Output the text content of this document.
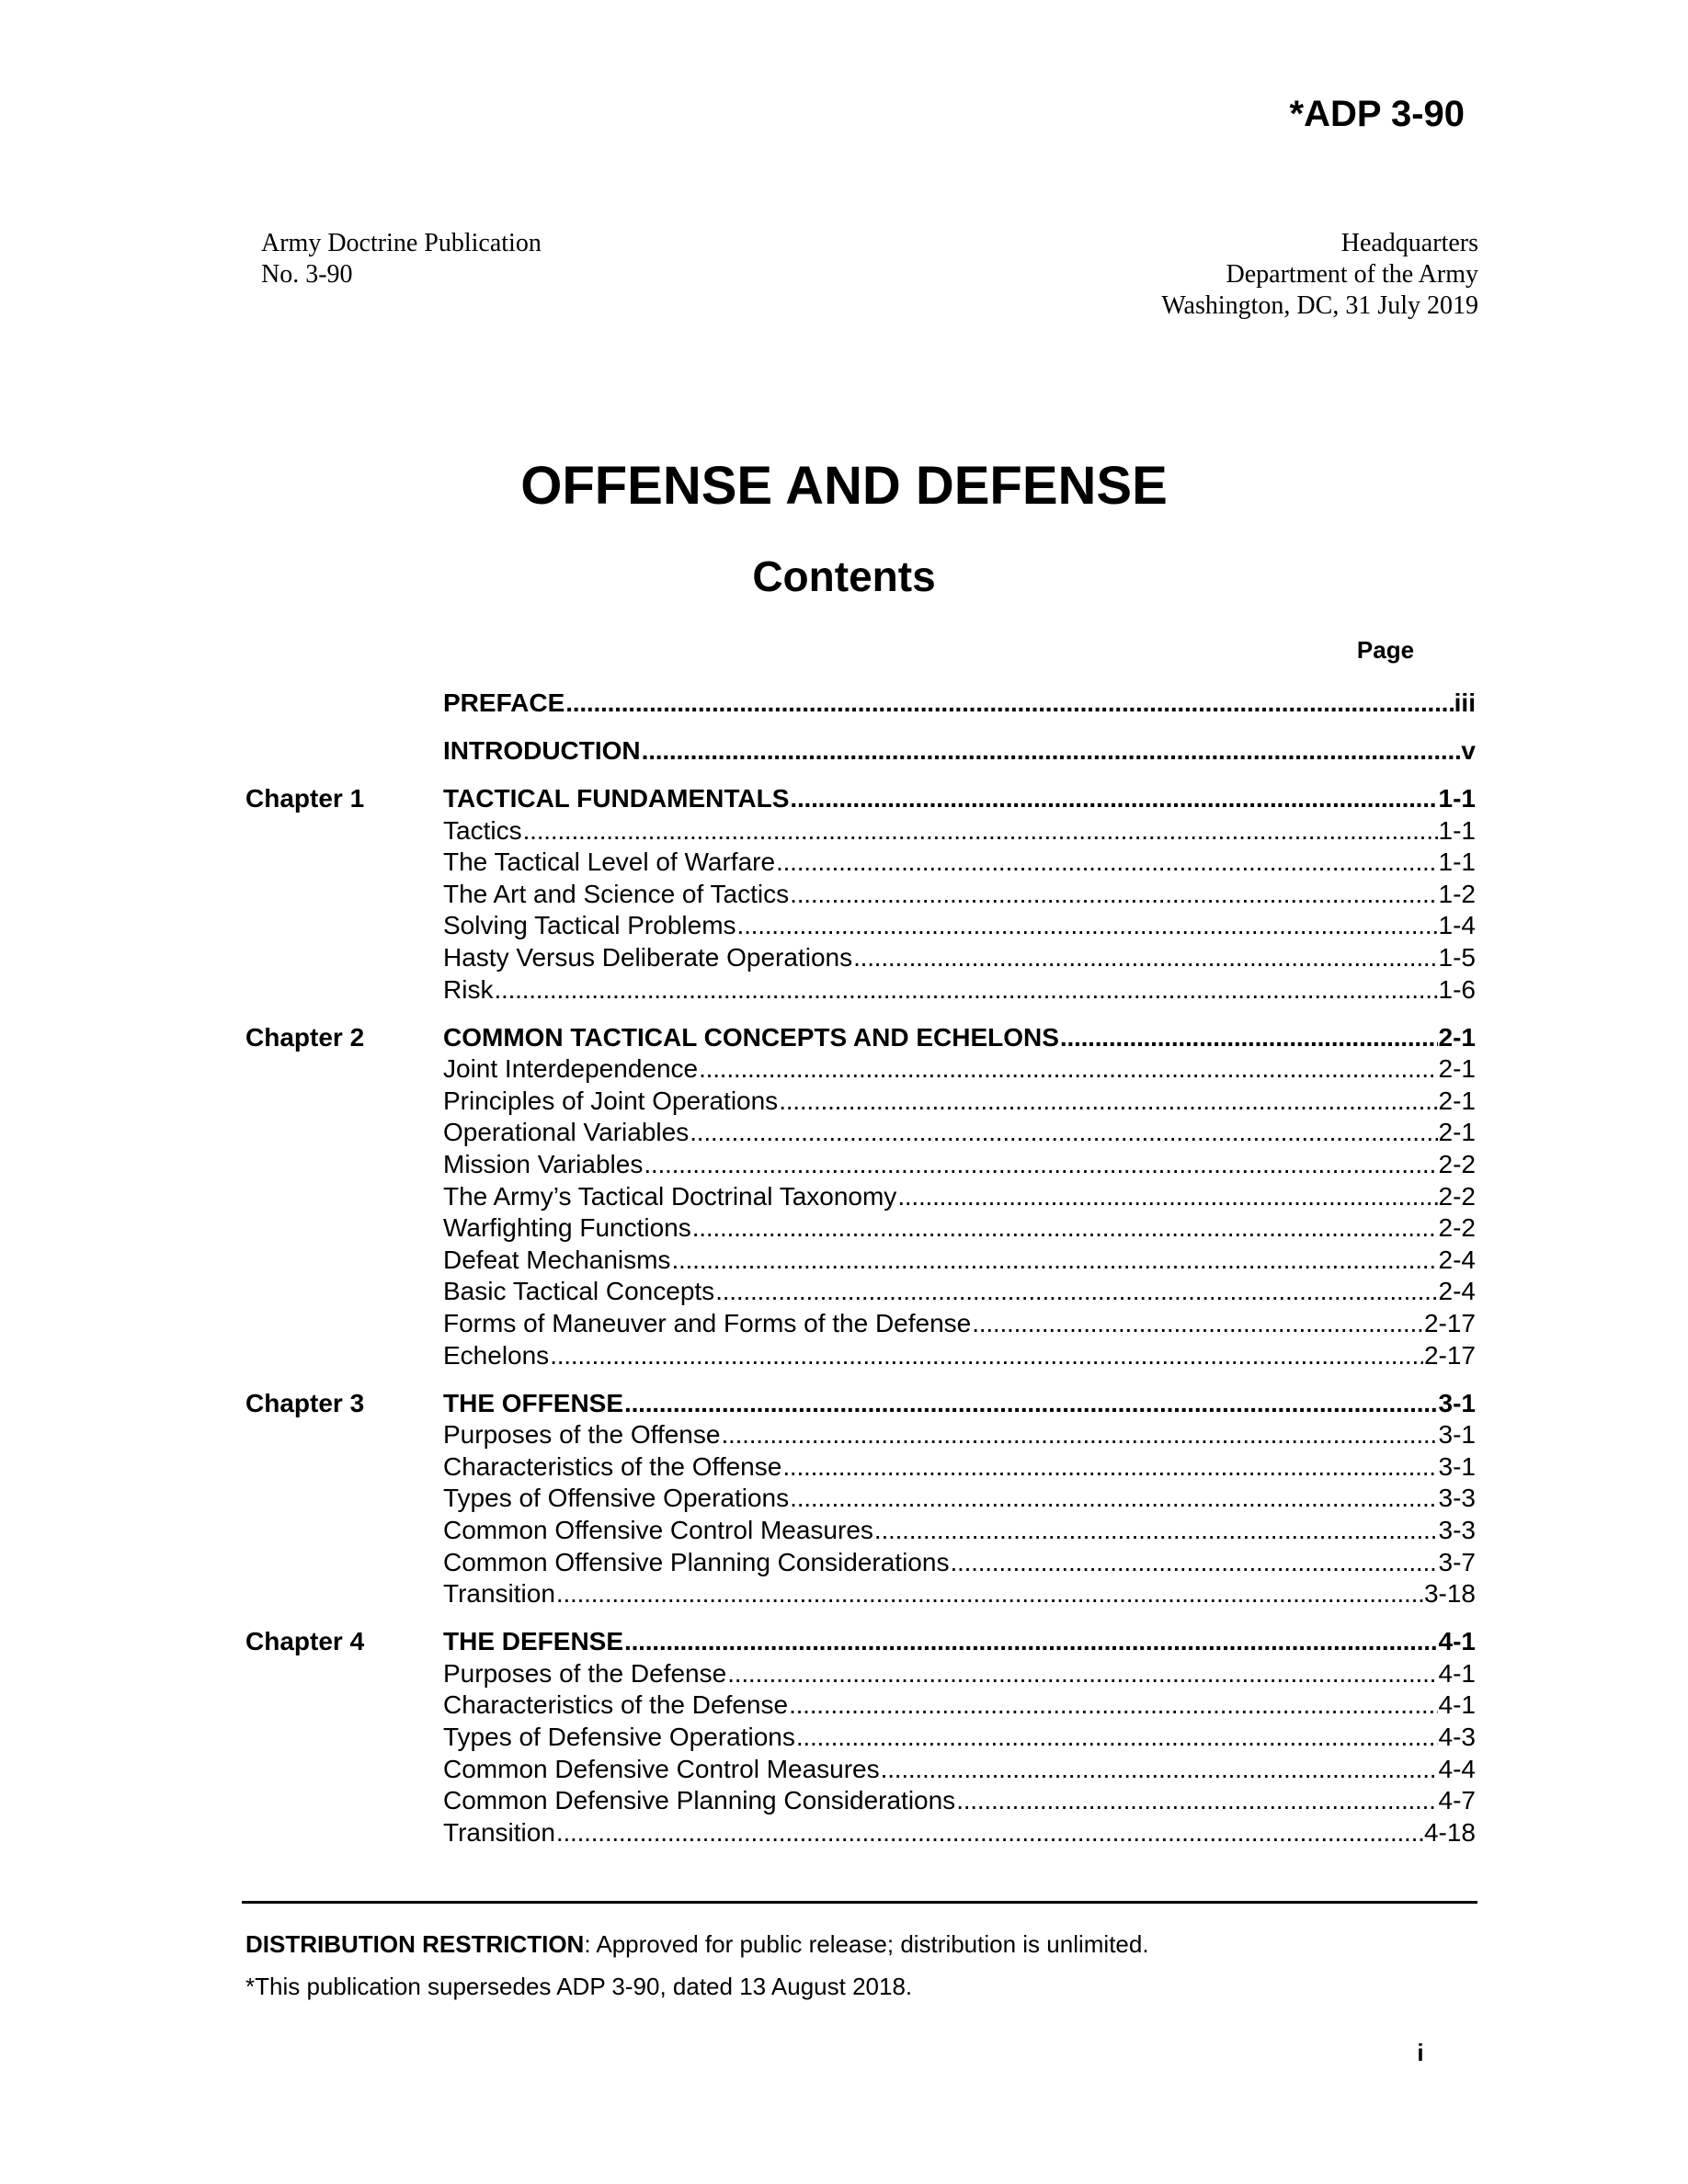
*ADP 3-90
Army Doctrine Publication
No. 3-90
Headquarters
Department of the Army
Washington, DC, 31 July 2019
OFFENSE AND DEFENSE
Contents
Page
PREFACE . . .	iii
INTRODUCTION . . .	v
Chapter 1	TACTICAL FUNDAMENTALS . . .	1-1
Tactics . . .	1-1
The Tactical Level of Warfare . . .	1-1
The Art and Science of Tactics . . .	1-2
Solving Tactical Problems . . .	1-4
Hasty Versus Deliberate Operations . . .	1-5
Risk . . .	1-6
Chapter 2	COMMON TACTICAL CONCEPTS AND ECHELONS . . .	2-1
Joint Interdependence . . .	2-1
Principles of Joint Operations . . .	2-1
Operational Variables . . .	2-1
Mission Variables . . .	2-2
The Army’s Tactical Doctrinal Taxonomy . . .	2-2
Warfighting Functions . . .	2-2
Defeat Mechanisms . . .	2-4
Basic Tactical Concepts . . .	2-4
Forms of Maneuver and Forms of the Defense . . .	2-17
Echelons . . .	2-17
Chapter 3	THE OFFENSE . . .	3-1
Purposes of the Offense . . .	3-1
Characteristics of the Offense . . .	3-1
Types of Offensive Operations . . .	3-3
Common Offensive Control Measures . . .	3-3
Common Offensive Planning Considerations . . .	3-7
Transition . . .	3-18
Chapter 4	THE DEFENSE . . .	4-1
Purposes of the Defense . . .	4-1
Characteristics of the Defense . . .	4-1
Types of Defensive Operations . . .	4-3
Common Defensive Control Measures . . .	4-4
Common Defensive Planning Considerations . . .	4-7
Transition . . .	4-18
DISTRIBUTION RESTRICTION: Approved for public release; distribution is unlimited.
*This publication supersedes ADP 3-90, dated 13 August 2018.
i
